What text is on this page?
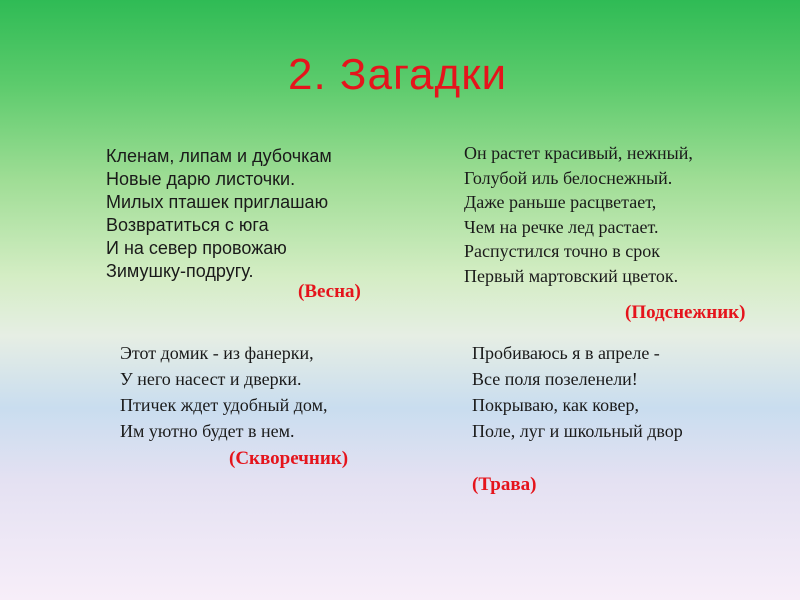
2. Загадки
Кленам, липам и дубочкам
Новые дарю листочки.
Милых пташек приглашаю
Возвратиться с юга
И на север провожаю
Зимушку-подругу.
(Весна)
Он растет красивый, нежный,
Голубой иль белоснежный.
Даже раньше расцветает,
Чем на речке лед растает.
Распустился точно в срок
Первый мартовский цветок.
(Подснежник)
Этот домик - из фанерки,
У него насест и дверки.
Птичек ждет удобный дом,
Им уютно будет в нем.
(Скворечник)
Пробиваюсь я в апреле -
Все поля позеленели!
Покрываю, как ковер,
Поле, луг и школьный двор
(Трава)
